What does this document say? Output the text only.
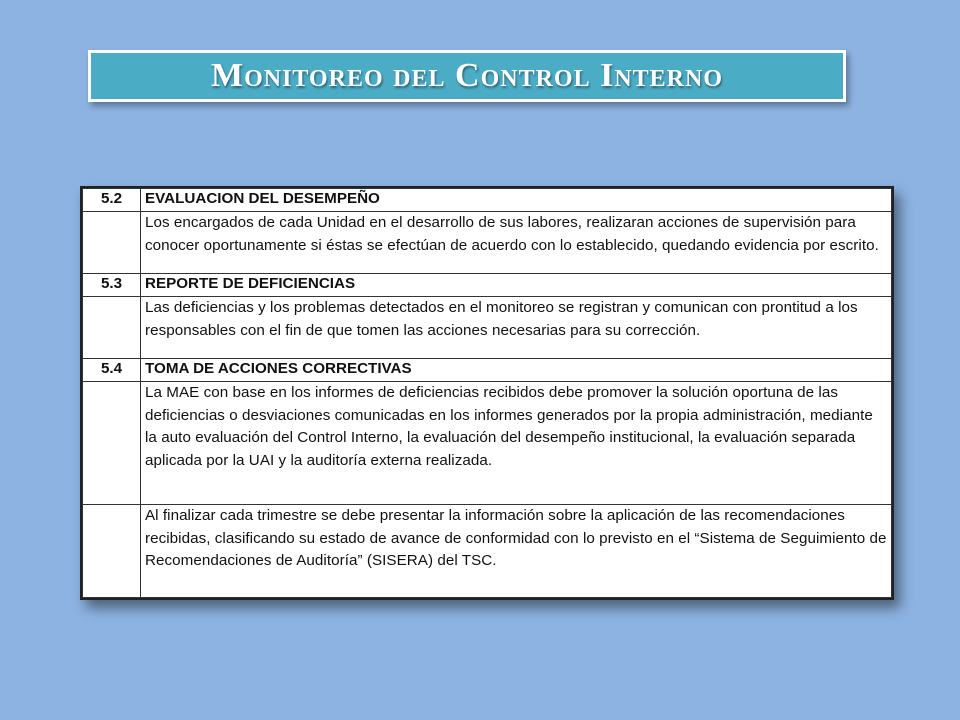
Monitoreo del Control Interno
5.2	EVALUACION DEL DESEMPEÑO
	Los encargados de cada Unidad en el desarrollo de sus labores, realizaran acciones de supervisión para conocer oportunamente si éstas se efectúan de acuerdo con lo establecido, quedando evidencia por escrito.
5.3	REPORTE DE DEFICIENCIAS
	Las deficiencias y los problemas detectados en el monitoreo se registran y comunican con prontitud a los responsables con el fin de que tomen las acciones necesarias para su corrección.
5.4	TOMA DE ACCIONES CORRECTIVAS
	La MAE con base en los informes de deficiencias recibidos debe promover la solución oportuna de las deficiencias o desviaciones comunicadas en los informes generados por la propia administración, mediante la auto evaluación del Control Interno, la evaluación del desempeño institucional, la evaluación separada aplicada por la UAI y la auditoría externa realizada.
	Al finalizar cada trimestre se debe presentar la información sobre la aplicación de las recomendaciones recibidas, clasificando su estado de avance de conformidad con lo previsto en el “Sistema de Seguimiento de Recomendaciones de Auditoría” (SISERA) del TSC.
